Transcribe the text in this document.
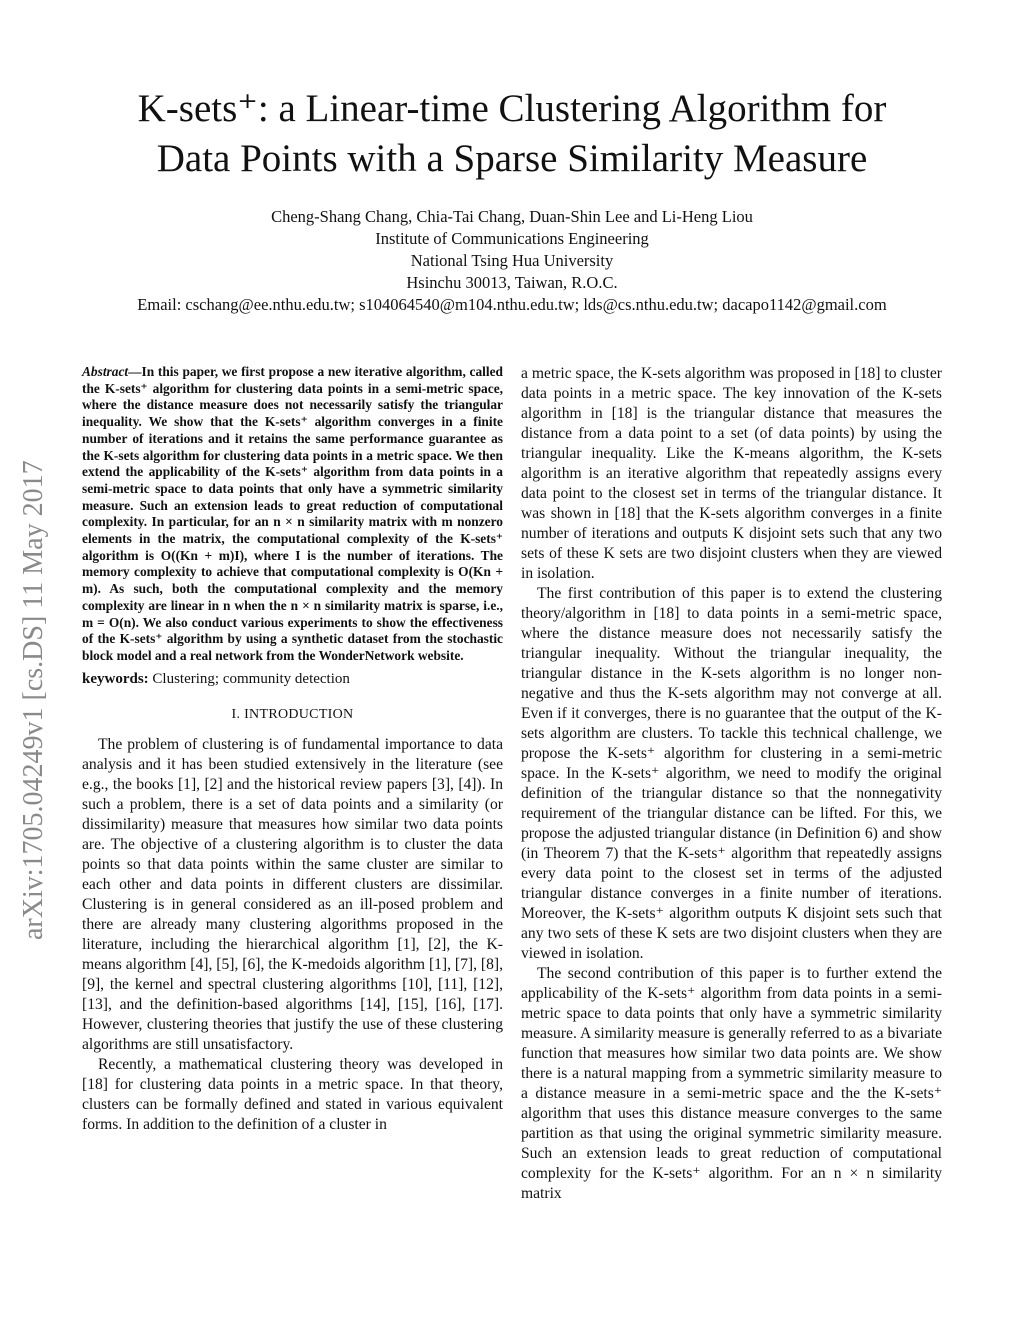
K-sets⁺: a Linear-time Clustering Algorithm for
Data Points with a Sparse Similarity Measure
Cheng-Shang Chang, Chia-Tai Chang, Duan-Shin Lee and Li-Heng Liou
Institute of Communications Engineering
National Tsing Hua University
Hsinchu 30013, Taiwan, R.O.C.
Email: cschang@ee.nthu.edu.tw; s104064540@m104.nthu.edu.tw; lds@cs.nthu.edu.tw; dacapo1142@gmail.com
arXiv:1705.04249v1 [cs.DS] 11 May 2017
Abstract—In this paper, we first propose a new iterative algorithm, called the K-sets⁺ algorithm for clustering data points in a semi-metric space, where the distance measure does not necessarily satisfy the triangular inequality. We show that the K-sets⁺ algorithm converges in a finite number of iterations and it retains the same performance guarantee as the K-sets algorithm for clustering data points in a metric space. We then extend the applicability of the K-sets⁺ algorithm from data points in a semi-metric space to data points that only have a symmetric similarity measure. Such an extension leads to great reduction of computational complexity. In particular, for an n × n similarity matrix with m nonzero elements in the matrix, the computational complexity of the K-sets⁺ algorithm is O((Kn + m)I), where I is the number of iterations. The memory complexity to achieve that computational complexity is O(Kn + m). As such, both the computational complexity and the memory complexity are linear in n when the n × n similarity matrix is sparse, i.e., m = O(n). We also conduct various experiments to show the effectiveness of the K-sets⁺ algorithm by using a synthetic dataset from the stochastic block model and a real network from the WonderNetwork website.
keywords: Clustering; community detection
I. INTRODUCTION

The problem of clustering is of fundamental importance to data analysis and it has been studied extensively in the literature (see e.g., the books [1], [2] and the historical review papers [3], [4]). In such a problem, there is a set of data points and a similarity (or dissimilarity) measure that measures how similar two data points are. The objective of a clustering algorithm is to cluster the data points so that data points within the same cluster are similar to each other and data points in different clusters are dissimilar. Clustering is in general considered as an ill-posed problem and there are already many clustering algorithms proposed in the literature, including the hierarchical algorithm [1], [2], the K-means algorithm [4], [5], [6], the K-medoids algorithm [1], [7], [8], [9], the kernel and spectral clustering algorithms [10], [11], [12], [13], and the definition-based algorithms [14], [15], [16], [17]. However, clustering theories that justify the use of these clustering algorithms are still unsatisfactory.

Recently, a mathematical clustering theory was developed in [18] for clustering data points in a metric space. In that theory, clusters can be formally defined and stated in various equivalent forms. In addition to the definition of a cluster in

a metric space, the K-sets algorithm was proposed in [18] to cluster data points in a metric space. The key innovation of the K-sets algorithm in [18] is the triangular distance that measures the distance from a data point to a set (of data points) by using the triangular inequality. Like the K-means algorithm, the K-sets algorithm is an iterative algorithm that repeatedly assigns every data point to the closest set in terms of the triangular distance. It was shown in [18] that the K-sets algorithm converges in a finite number of iterations and outputs K disjoint sets such that any two sets of these K sets are two disjoint clusters when they are viewed in isolation.

The first contribution of this paper is to extend the clustering theory/algorithm in [18] to data points in a semi-metric space, where the distance measure does not necessarily satisfy the triangular inequality. Without the triangular inequality, the triangular distance in the K-sets algorithm is no longer non-negative and thus the K-sets algorithm may not converge at all. Even if it converges, there is no guarantee that the output of the K-sets algorithm are clusters. To tackle this technical challenge, we propose the K-sets⁺ algorithm for clustering in a semi-metric space. In the K-sets⁺ algorithm, we need to modify the original definition of the triangular distance so that the nonnegativity requirement of the triangular distance can be lifted. For this, we propose the adjusted triangular distance (in Definition 6) and show (in Theorem 7) that the K-sets⁺ algorithm that repeatedly assigns every data point to the closest set in terms of the adjusted triangular distance converges in a finite number of iterations. Moreover, the K-sets⁺ algorithm outputs K disjoint sets such that any two sets of these K sets are two disjoint clusters when they are viewed in isolation.

The second contribution of this paper is to further extend the applicability of the K-sets⁺ algorithm from data points in a semi-metric space to data points that only have a symmetric similarity measure. A similarity measure is generally referred to as a bivariate function that measures how similar two data points are. We show there is a natural mapping from a symmetric similarity measure to a distance measure in a semi-metric space and the the K-sets⁺ algorithm that uses this distance measure converges to the same partition as that using the original symmetric similarity measure. Such an extension leads to great reduction of computational complexity for the K-sets⁺ algorithm. For an n × n similarity matrix
